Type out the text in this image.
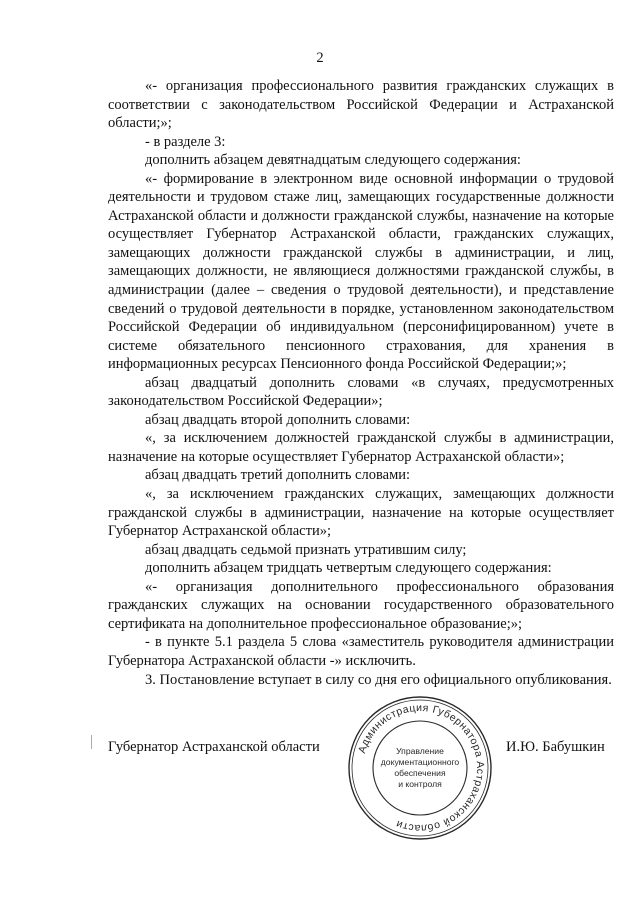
2

«- организация профессионального развития гражданских служащих в соответствии с законодательством Российской Федерации и Астраханской области;»;

- в разделе 3:

дополнить абзацем девятнадцатым следующего содержания:

«- формирование в электронном виде основной информации о трудовой деятельности и трудовом стаже лиц, замещающих государственные должности Астраханской области и должности гражданской службы, назначение на которые осуществляет Губернатор Астраханской области, гражданских служащих, замещающих должности гражданской службы в администрации, и лиц, замещающих должности, не являющиеся должностями гражданской службы, в администрации (далее – сведения о трудовой деятельности), и представление сведений о трудовой деятельности в порядке, установленном законодательством Российской Федерации об индивидуальном (персонифицированном) учете в системе обязательного пенсионного страхования, для хранения в информационных ресурсах Пенсионного фонда Российской Федерации;»;

абзац двадцатый дополнить словами «в случаях, предусмотренных законодательством Российской Федерации»;

абзац двадцать второй дополнить словами:

«, за исключением должностей гражданской службы в администрации, назначение на которые осуществляет Губернатор Астраханской области»;

абзац двадцать третий дополнить словами:

«, за исключением гражданских служащих, замещающих должности гражданской службы в администрации, назначение на которые осуществляет Губернатор Астраханской области»;

абзац двадцать седьмой признать утратившим силу;

дополнить абзацем тридцать четвертым следующего содержания:

«- организация дополнительного профессионального образования гражданских служащих на основании государственного образовательного сертификата на дополнительное профессиональное образование;»;

- в пункте 5.1 раздела 5 слова «заместитель руководителя администрации Губернатора Астраханской области -» исключить.

3. Постановление вступает в силу со дня его официального опубликования.

Губернатор Астраханской области	Администрация Губернатора Астраханской области
Управление
документационного
обеспечения
и контроля
И.Ю. Бабушкин
